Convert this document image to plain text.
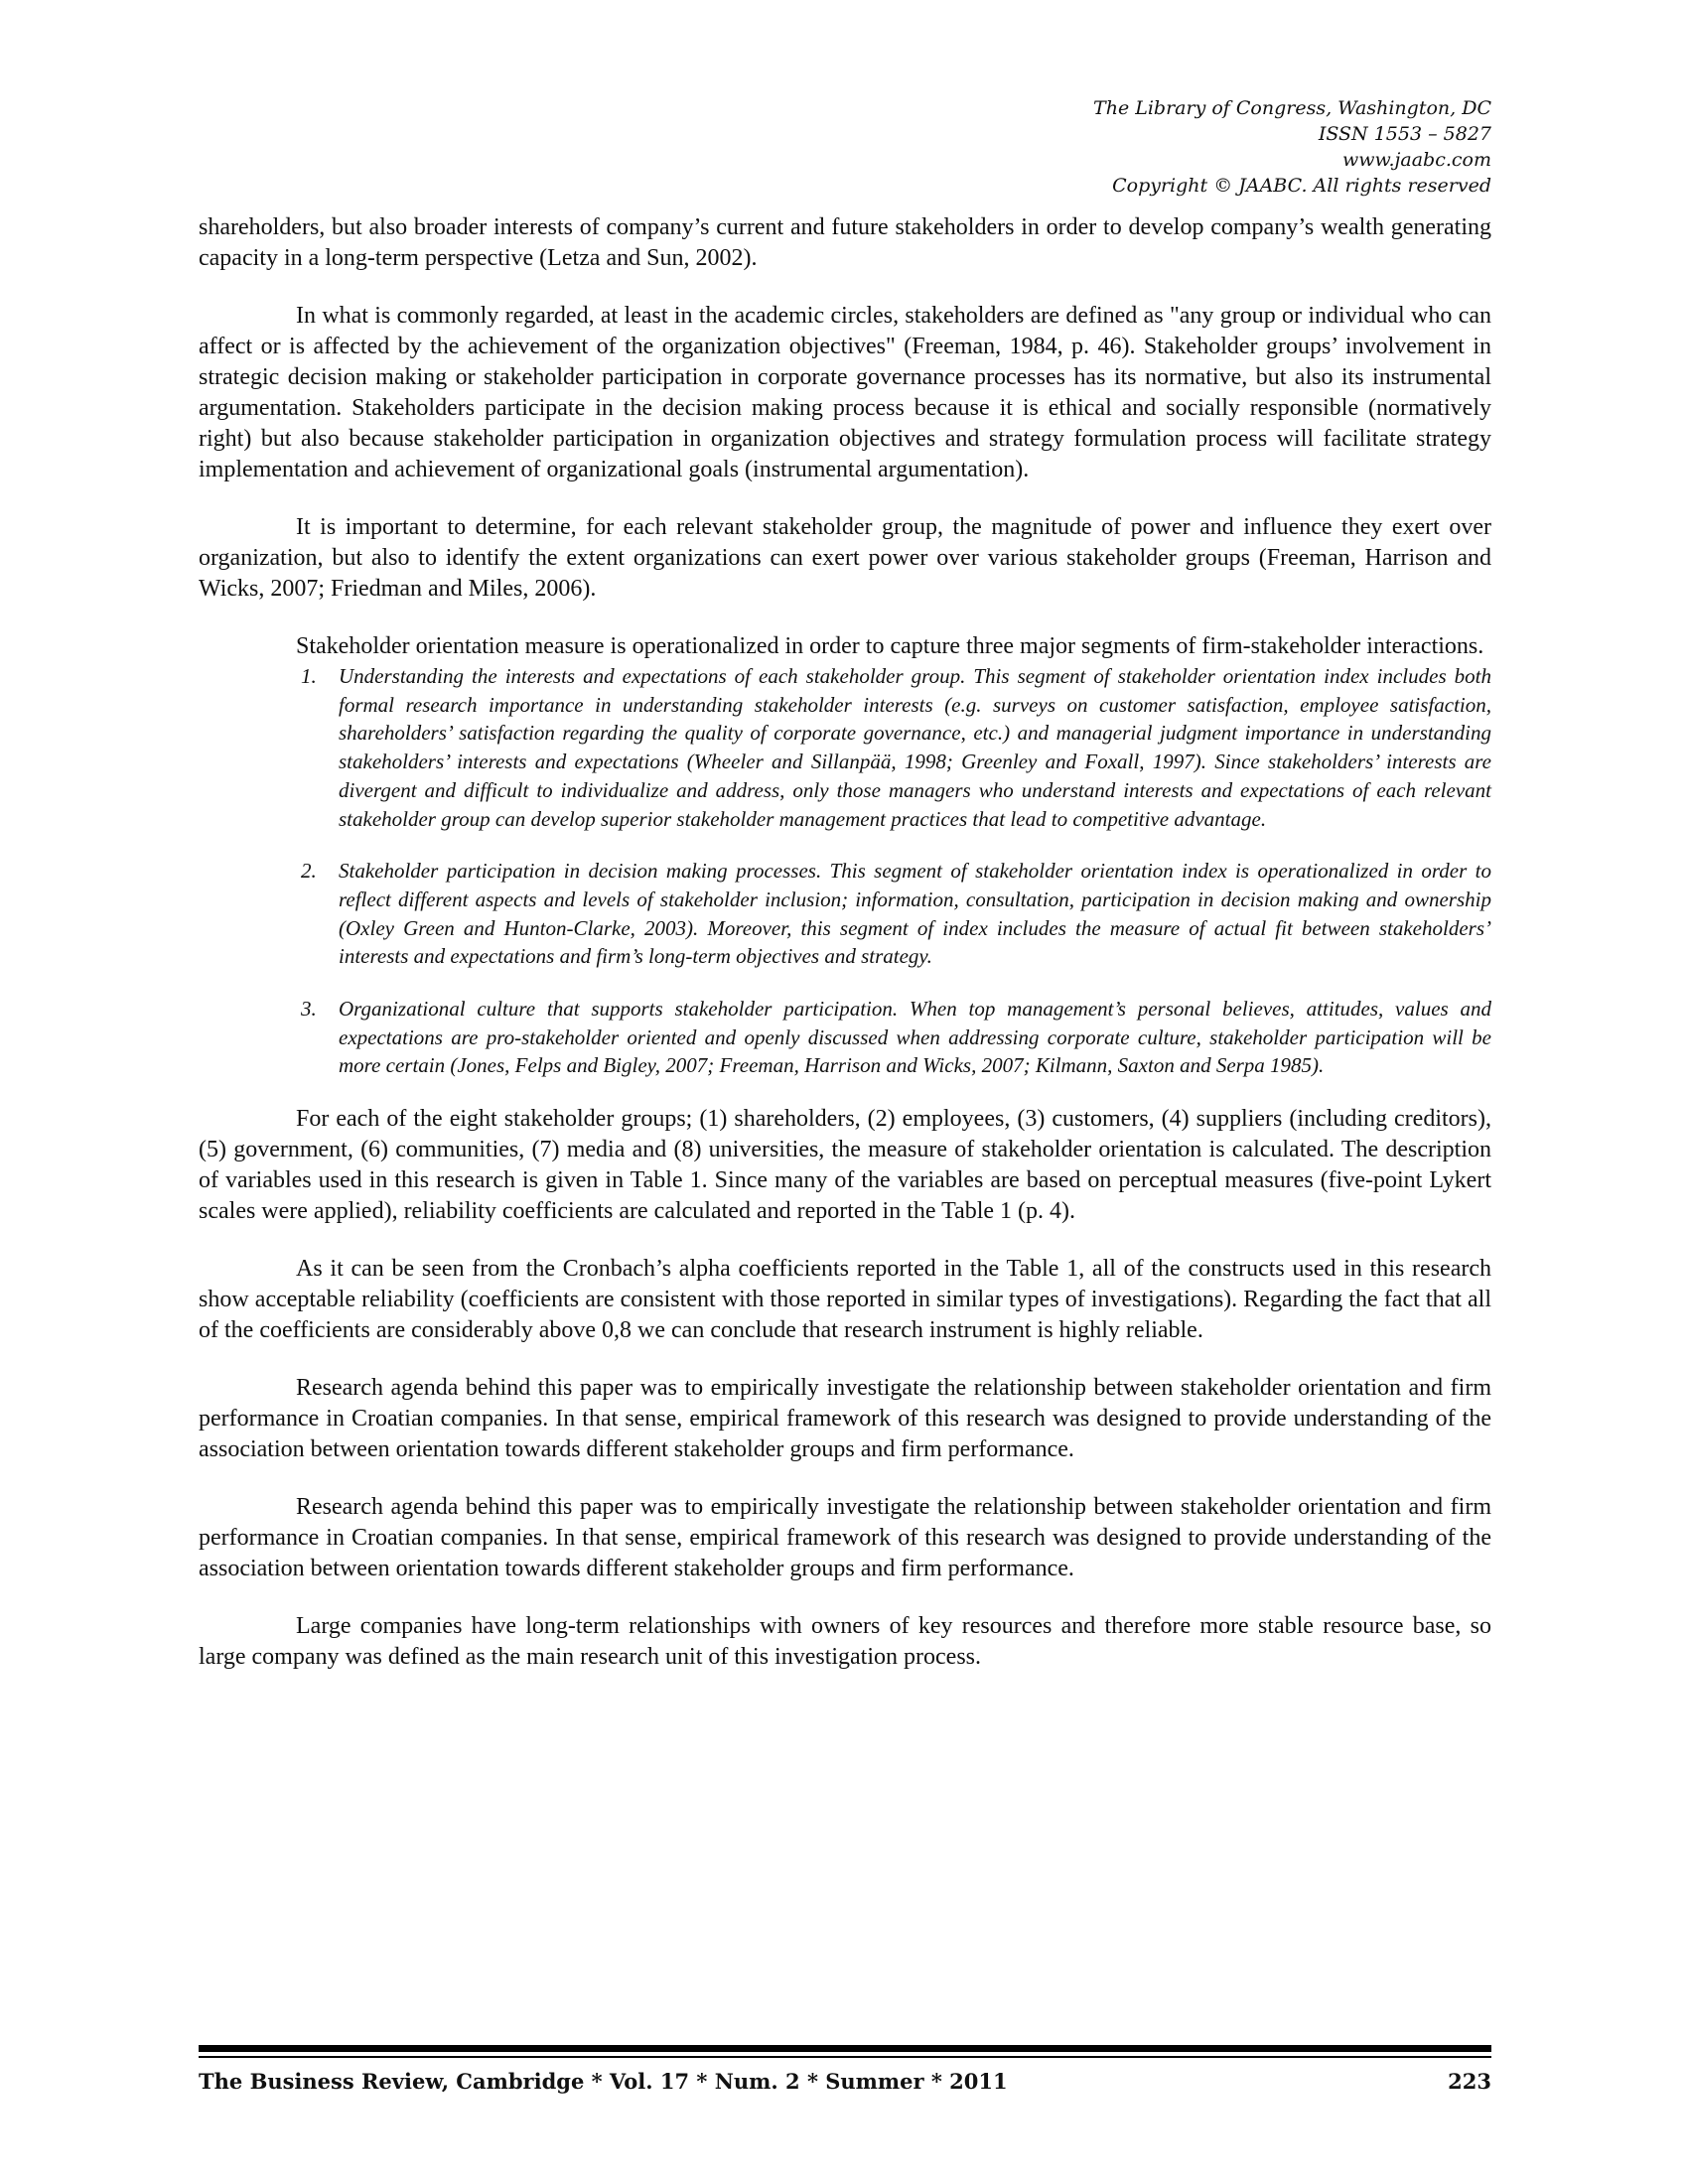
The Library of Congress, Washington, DC
ISSN 1553 – 5827
www.jaabc.com
Copyright © JAABC. All rights reserved

shareholders, but also broader interests of company’s current and future stakeholders in order to develop company’s wealth generating capacity in a long-term perspective (Letza and Sun, 2002).

In what is commonly regarded, at least in the academic circles, stakeholders are defined as "any group or individual who can affect or is affected by the achievement of the organization objectives" (Freeman, 1984, p. 46). Stakeholder groups’ involvement in strategic decision making or stakeholder participation in corporate governance processes has its normative, but also its instrumental argumentation. Stakeholders participate in the decision making process because it is ethical and socially responsible (normatively right) but also because stakeholder participation in organization objectives and strategy formulation process will facilitate strategy implementation and achievement of organizational goals (instrumental argumentation).

It is important to determine, for each relevant stakeholder group, the magnitude of power and influence they exert over organization, but also to identify the extent organizations can exert power over various stakeholder groups (Freeman, Harrison and Wicks, 2007; Friedman and Miles, 2006).

Stakeholder orientation measure is operationalized in order to capture three major segments of firm-stakeholder interactions.

1. Understanding the interests and expectations of each stakeholder group. This segment of stakeholder orientation index includes both formal research importance in understanding stakeholder interests (e.g. surveys on customer satisfaction, employee satisfaction, shareholders’ satisfaction regarding the quality of corporate governance, etc.) and managerial judgment importance in understanding stakeholders’ interests and expectations (Wheeler and Sillanpää, 1998; Greenley and Foxall, 1997). Since stakeholders’ interests are divergent and difficult to individualize and address, only those managers who understand interests and expectations of each relevant stakeholder group can develop superior stakeholder management practices that lead to competitive advantage.
2. Stakeholder participation in decision making processes. This segment of stakeholder orientation index is operationalized in order to reflect different aspects and levels of stakeholder inclusion; information, consultation, participation in decision making and ownership (Oxley Green and Hunton-Clarke, 2003). Moreover, this segment of index includes the measure of actual fit between stakeholders’ interests and expectations and firm’s long-term objectives and strategy.
3. Organizational culture that supports stakeholder participation. When top management’s personal believes, attitudes, values and expectations are pro-stakeholder oriented and openly discussed when addressing corporate culture, stakeholder participation will be more certain (Jones, Felps and Bigley, 2007; Freeman, Harrison and Wicks, 2007; Kilmann, Saxton and Serpa 1985).

For each of the eight stakeholder groups; (1) shareholders, (2) employees, (3) customers, (4) suppliers (including creditors), (5) government, (6) communities, (7) media and (8) universities, the measure of stakeholder orientation is calculated. The description of variables used in this research is given in Table 1. Since many of the variables are based on perceptual measures (five-point Lykert scales were applied), reliability coefficients are calculated and reported in the Table 1 (p. 4).

As it can be seen from the Cronbach’s alpha coefficients reported in the Table 1, all of the constructs used in this research show acceptable reliability (coefficients are consistent with those reported in similar types of investigations). Regarding the fact that all of the coefficients are considerably above 0,8 we can conclude that research instrument is highly reliable.

Research agenda behind this paper was to empirically investigate the relationship between stakeholder orientation and firm performance in Croatian companies. In that sense, empirical framework of this research was designed to provide understanding of the association between orientation towards different stakeholder groups and firm performance.

Research agenda behind this paper was to empirically investigate the relationship between stakeholder orientation and firm performance in Croatian companies. In that sense, empirical framework of this research was designed to provide understanding of the association between orientation towards different stakeholder groups and firm performance.

Large companies have long-term relationships with owners of key resources and therefore more stable resource base, so large company was defined as the main research unit of this investigation process.

The Business Review, Cambridge * Vol. 17 * Num. 2 * Summer * 2011	223
